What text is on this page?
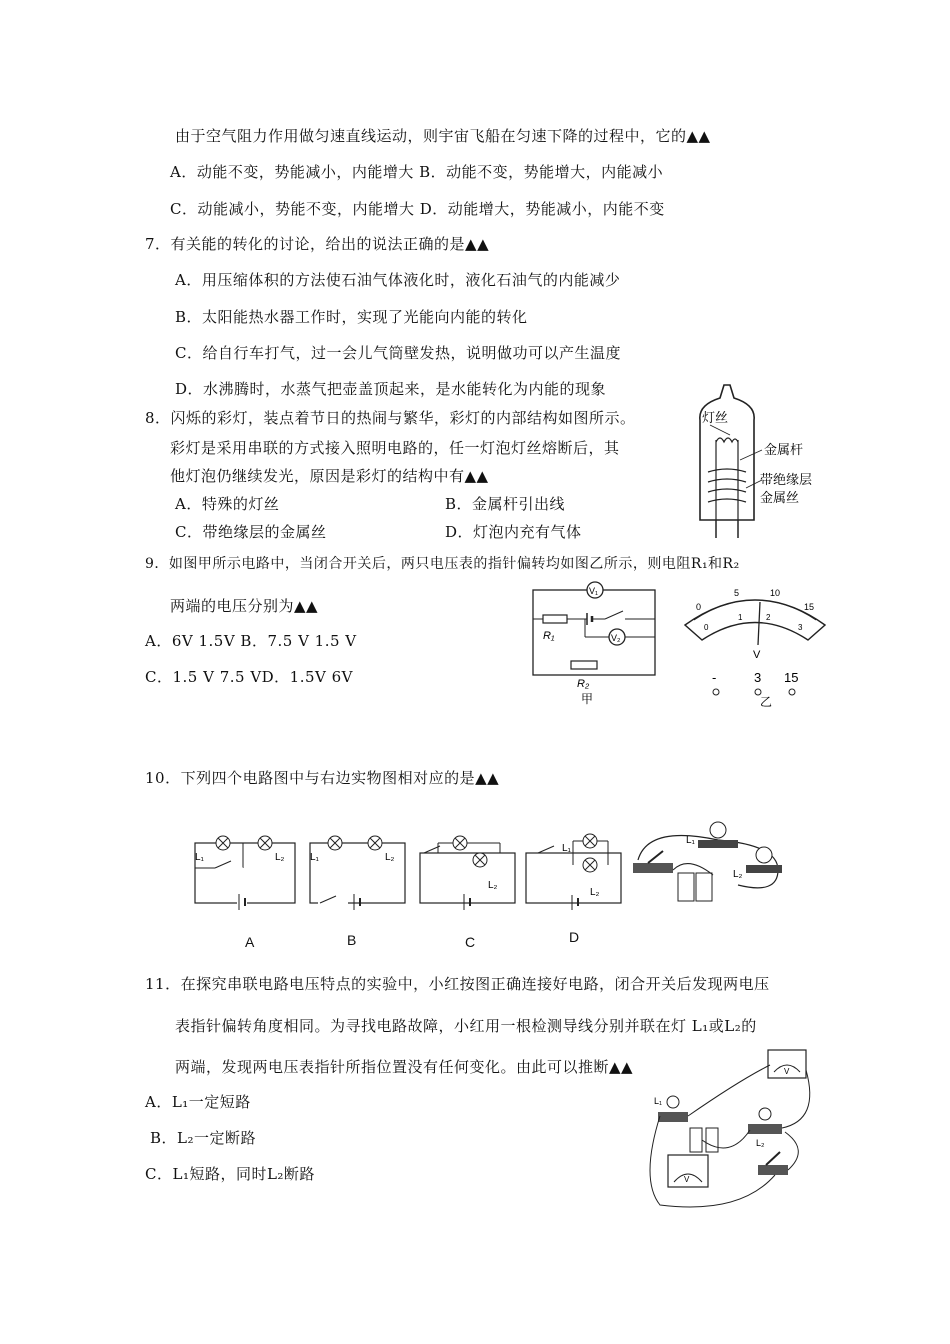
由于空气阻力作用做匀速直线运动，则宇宙飞船在匀速下降的过程中，它的▲▲
A．动能不变，势能减小，内能增大 B．动能不变，势能增大，内能减小
C．动能减小，势能不变，内能增大 D．动能增大，势能减小，内能不变
7．有关能的转化的讨论，给出的说法正确的是▲▲
A．用压缩体积的方法使石油气体液化时，液化石油气的内能减少
B．太阳能热水器工作时，实现了光能向内能的转化
C．给自行车打气，过一会儿气筒壁发热，说明做功可以产生温度
D．水沸腾时，水蒸气把壶盖顶起来，是水能转化为内能的现象
8．闪烁的彩灯，装点着节日的热闹与繁华，彩灯的内部结构如图所示。
彩灯是采用串联的方式接入照明电路的，任一灯泡灯丝熔断后，其
他灯泡仍继续发光，原因是彩灯的结构中有▲▲
A．特殊的灯丝	B．金属杆引出线
C．带绝缘层的金属丝	D．灯泡内充有气体
灯丝
金属杆
带绝缘层
金属丝
9．如图甲所示电路中，当闭合开关后，两只电压表的指针偏转均如图乙所示，则电阻R₁和R₂
两端的电压分别为▲▲
A．6V 1.5V B．7.5 V 1.5 V
C．1.5 V 7.5 VD．1.5V 6V
V₁
V₂
R₁
R₂
甲
0
5	10
15
0
1	2
3
V
-	3 15
乙
10．下列四个电路图中与右边实物图相对应的是▲▲
L₁	L₂	L₁	L₂
L₂
L₁
L₂
L₁
L₂
A	B	C	D
11．在探究串联电路电压特点的实验中，小红按图正确连接好电路，闭合开关后发现两电压
表指针偏转角度相同。为寻找电路故障，小红用一根检测导线分别并联在灯 L₁或L₂的
两端，发现两电压表指针所指位置没有任何变化。由此可以推断▲▲
A．L₁一定短路
B．L₂一定断路
C．L₁短路，同时L₂断路
V
L₁
L₂
V
